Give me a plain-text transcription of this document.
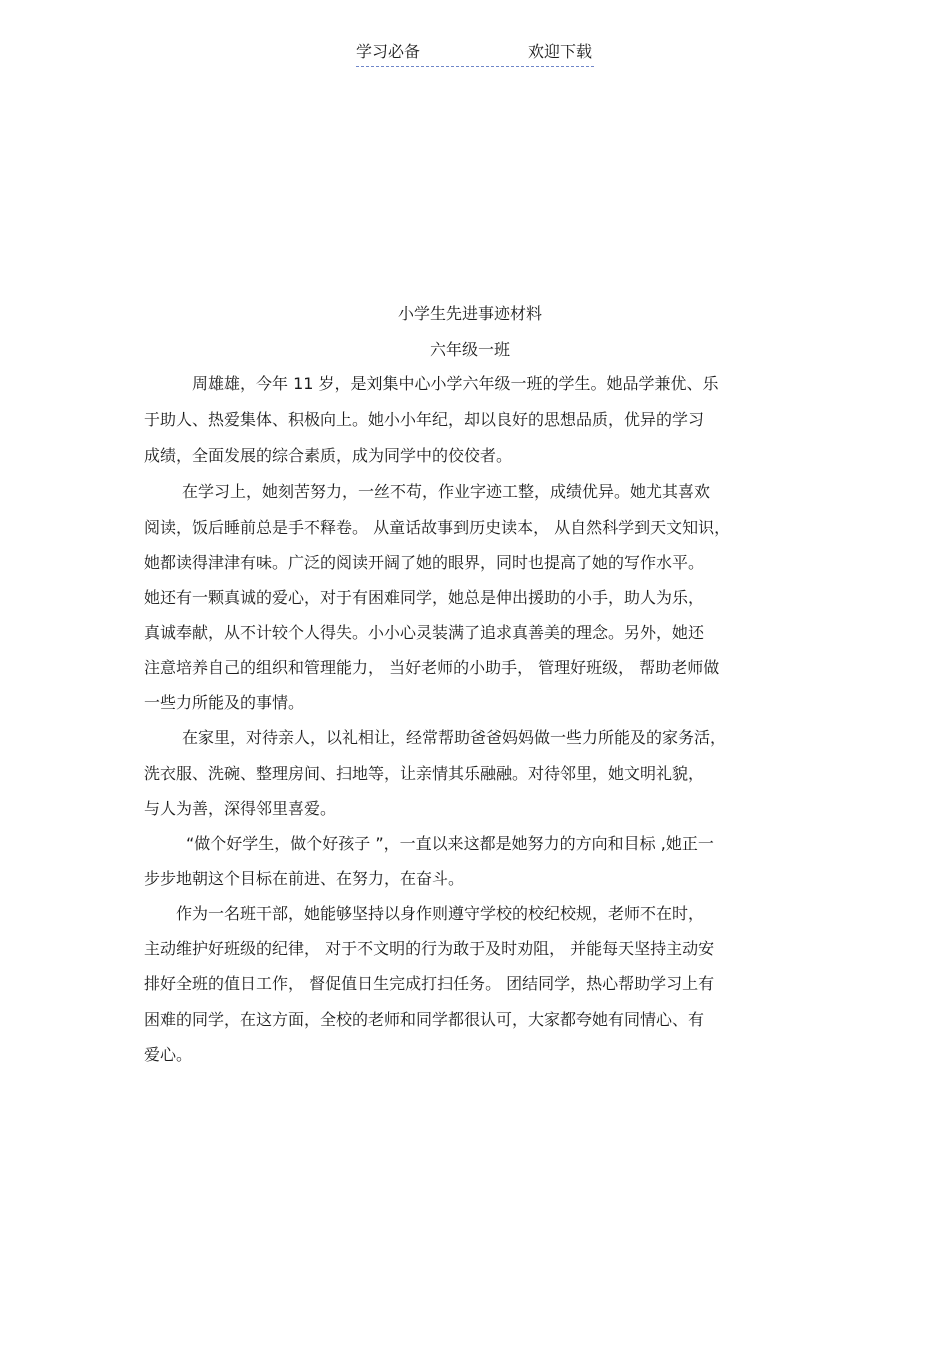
学习必备	欢迎下载
小学生先进事迹材料
六年级一班
周雄雄，今年 11 岁，是刘集中心小学六年级一班的学生。她品学兼优、乐
于助人、热爱集体、积极向上。她小小年纪，却以良好的思想品质，优异的学习
成绩，全面发展的综合素质，成为同学中的佼佼者。
在学习上，她刻苦努力，一丝不苟，作业字迹工整，成绩优异。她尤其喜欢
阅读，饭后睡前总是手不释卷。 从童话故事到历史读本， 从自然科学到天文知识，
她都读得津津有味。广泛的阅读开阔了她的眼界，同时也提高了她的写作水平。
她还有一颗真诚的爱心，对于有困难同学，她总是伸出援助的小手，助人为乐，
真诚奉献，从不计较个人得失。小小心灵装满了追求真善美的理念。另外，她还
注意培养自己的组织和管理能力， 当好老师的小助手， 管理好班级， 帮助老师做
一些力所能及的事情。
在家里，对待亲人，以礼相让，经常帮助爸爸妈妈做一些力所能及的家务活，
洗衣服、洗碗、整理房间、扫地等，让亲情其乐融融。对待邻里，她文明礼貌，
与人为善，深得邻里喜爱。
“做个好学生，做个好孩子 ”，一直以来这都是她努力的方向和目标 ,她正一
步步地朝这个目标在前进、在努力，在奋斗。
作为一名班干部，她能够坚持以身作则遵守学校的校纪校规，老师不在时，
主动维护好班级的纪律， 对于不文明的行为敢于及时劝阻， 并能每天坚持主动安
排好全班的值日工作， 督促值日生完成打扫任务。 团结同学，热心帮助学习上有
困难的同学，在这方面，全校的老师和同学都很认可，大家都夸她有同情心、有
爱心。
